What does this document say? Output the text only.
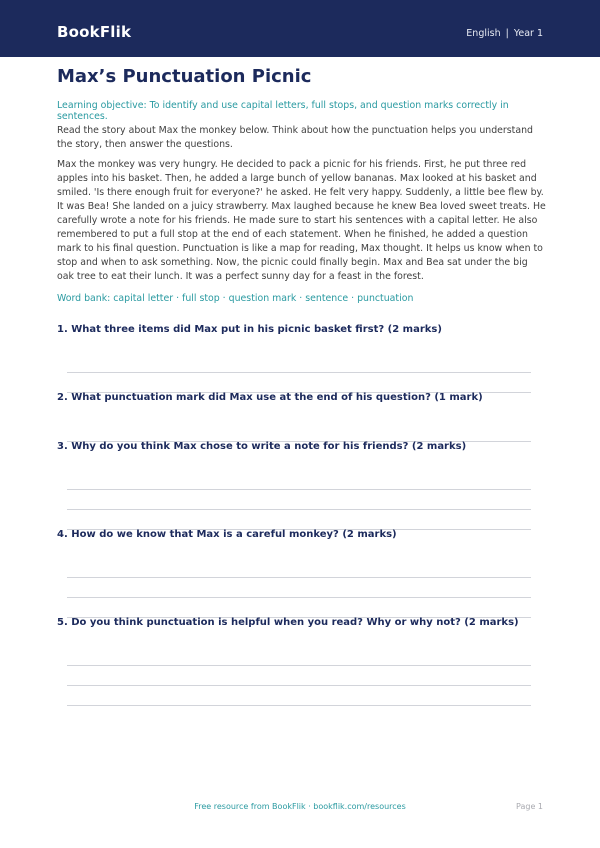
BookFlik	English | Year 1
Max’s Punctuation Picnic

Learning objective: To identify and use capital letters, full stops, and question marks correctly in sentences.

Read the story about Max the monkey below. Think about how the punctuation helps you understand the story, then answer the questions.

Max the monkey was very hungry. He decided to pack a picnic for his friends. First, he put three red apples into his basket. Then, he added a large bunch of yellow bananas. Max looked at his basket and smiled. 'Is there enough fruit for everyone?' he asked. He felt very happy. Suddenly, a little bee flew by. It was Bea! She landed on a juicy strawberry. Max laughed because he knew Bea loved sweet treats. He carefully wrote a note for his friends. He made sure to start his sentences with a capital letter. He also remembered to put a full stop at the end of each statement. When he finished, he added a question mark to his final question. Punctuation is like a map for reading, Max thought. It helps us know when to stop and when to ask something. Now, the picnic could finally begin. Max and Bea sat under the big oak tree to eat their lunch. It was a perfect sunny day for a feast in the forest.

Word bank: capital letter · full stop · question mark · sentence · punctuation

1. What three items did Max put in his picnic basket first? (2 marks)
2. What punctuation mark did Max use at the end of his question? (1 mark)
3. Why do you think Max chose to write a note for his friends? (2 marks)
4. How do we know that Max is a careful monkey? (2 marks)
5. Do you think punctuation is helpful when you read? Why or why not? (2 marks)
Free resource from BookFlik · bookflik.com/resources	Page 1
